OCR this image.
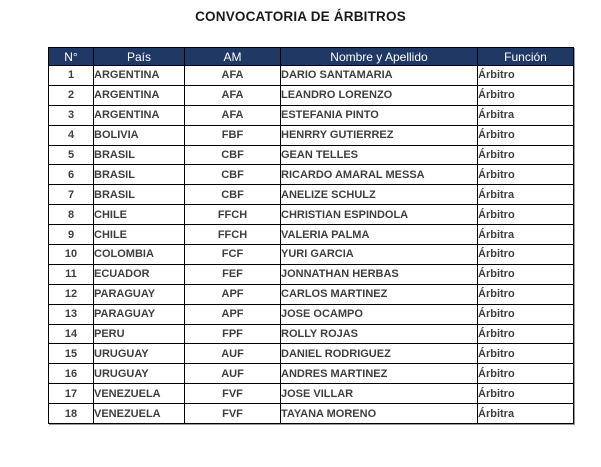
CONVOCATORIA DE ÁRBITROS
N°	País	AM	Nombre y Apellido	Función
1	ARGENTINA	AFA	DARIO SANTAMARIA	Árbitro
2	ARGENTINA	AFA	LEANDRO LORENZO	Árbitro
3	ARGENTINA	AFA	ESTEFANIA PINTO	Árbitra
4	BOLIVIA	FBF	HENRRY GUTIERREZ	Árbitro
5	BRASIL	CBF	GEAN TELLES	Árbitro
6	BRASIL	CBF	RICARDO AMARAL MESSA	Árbitro
7	BRASIL	CBF	ANELIZE SCHULZ	Árbitra
8	CHILE	FFCH	CHRISTIAN ESPINDOLA	Árbitro
9	CHILE	FFCH	VALERIA PALMA	Árbitra
10	COLOMBIA	FCF	YURI GARCIA	Árbitro
11	ECUADOR	FEF	JONNATHAN HERBAS	Árbitro
12	PARAGUAY	APF	CARLOS MARTINEZ	Árbitro
13	PARAGUAY	APF	JOSE OCAMPO	Árbitro
14	PERU	FPF	ROLLY ROJAS	Árbitro
15	URUGUAY	AUF	DANIEL RODRIGUEZ	Árbitro
16	URUGUAY	AUF	ANDRES MARTINEZ	Árbitro
17	VENEZUELA	FVF	JOSE VILLAR	Árbitro
18	VENEZUELA	FVF	TAYANA MORENO	Árbitra
